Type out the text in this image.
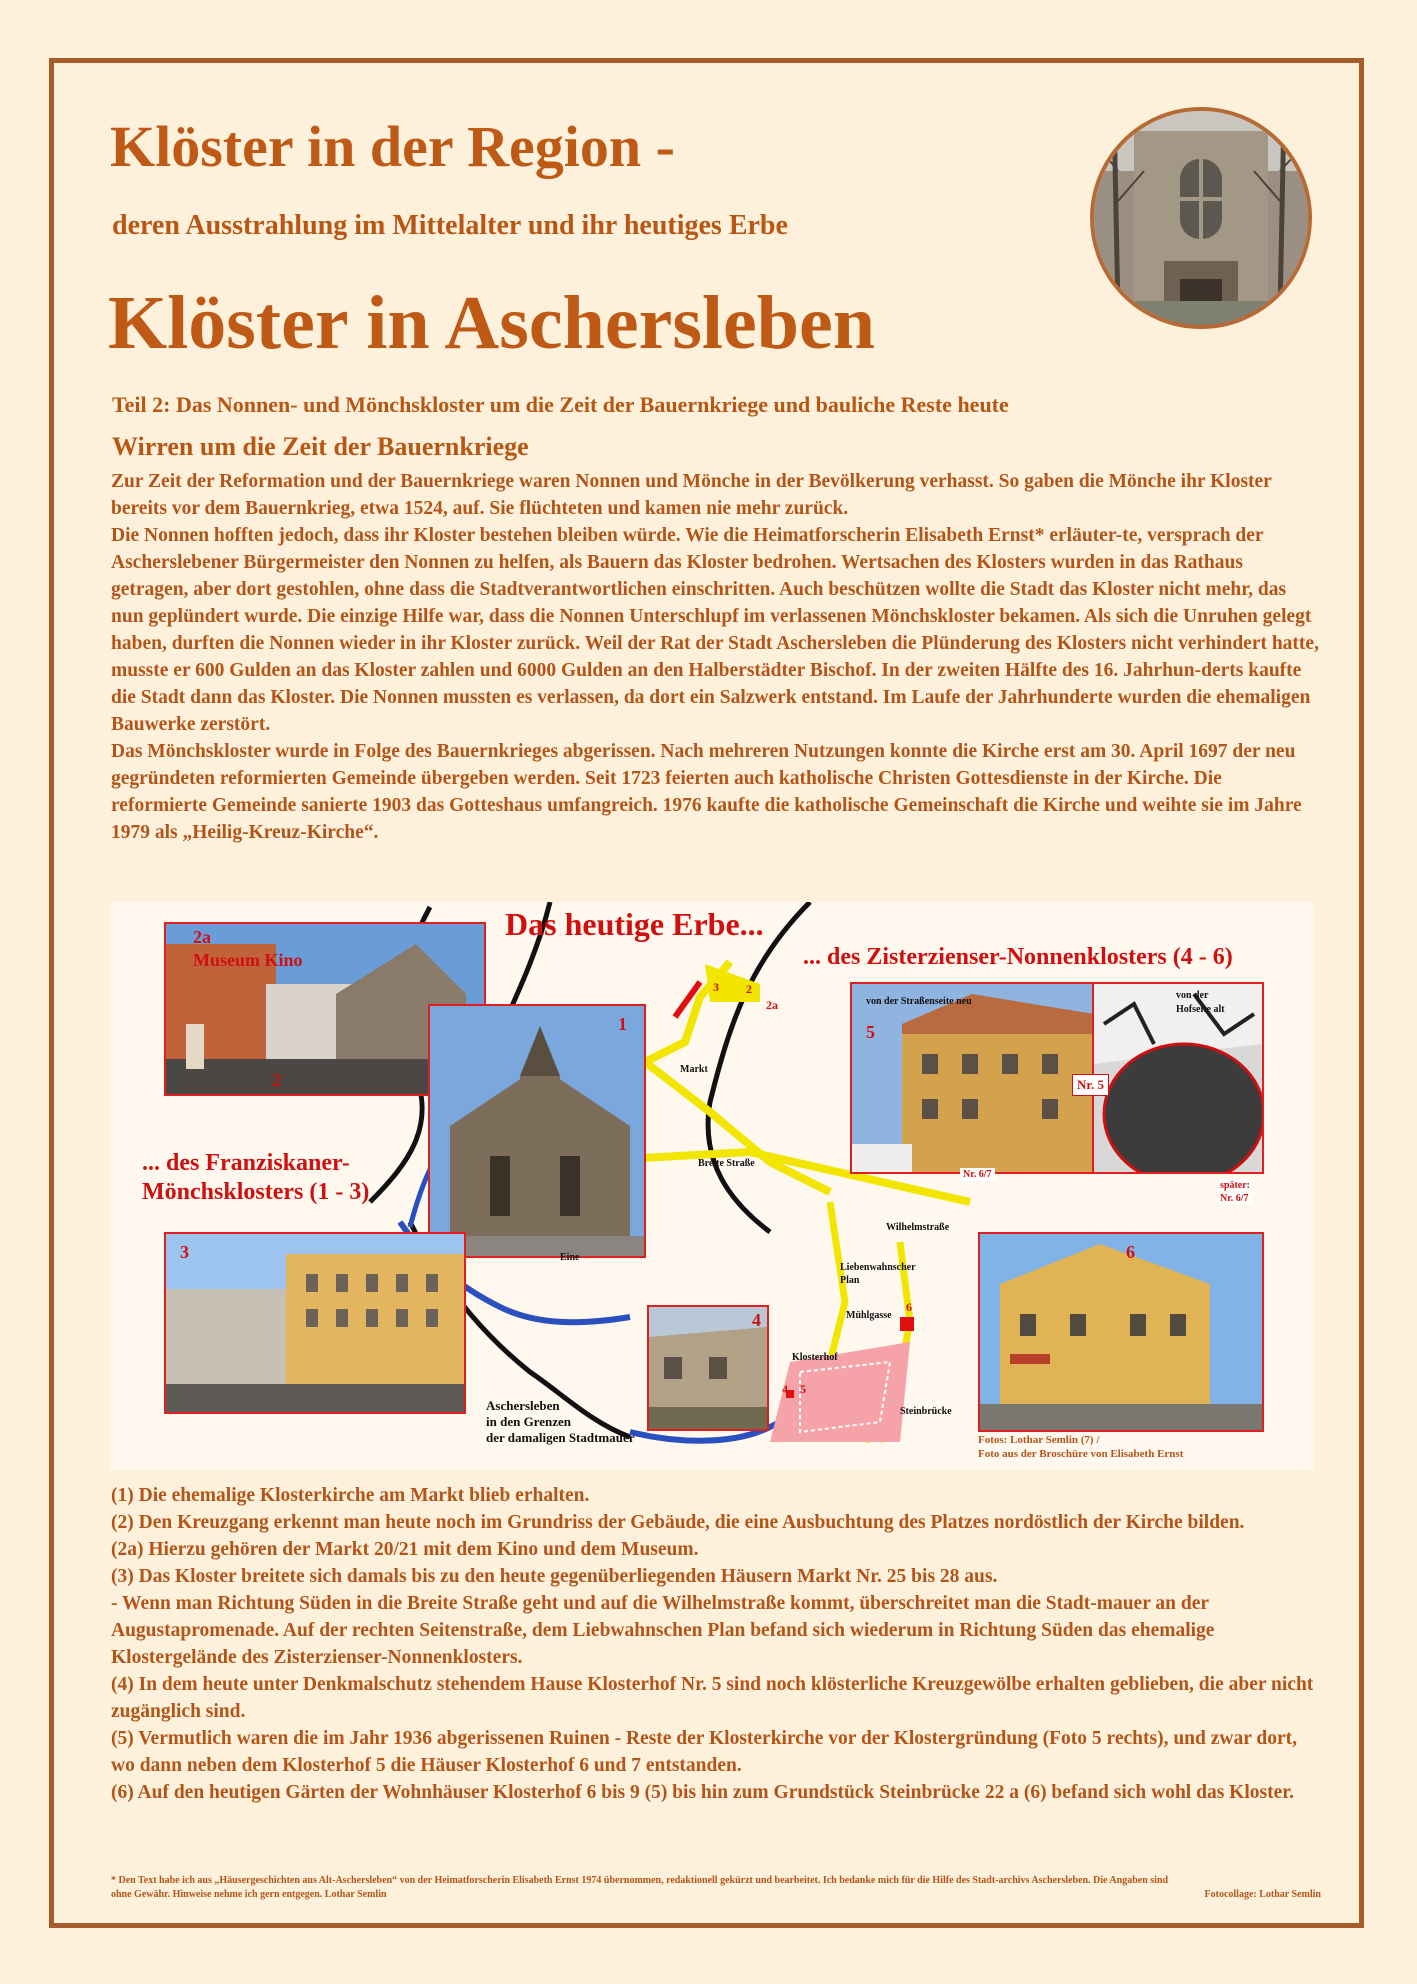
Klöster in der Region -
deren Ausstrahlung im Mittelalter und ihr heutiges Erbe
Klöster in Aschersleben
Teil 2: Das Nonnen- und Mönchskloster um die Zeit der Bauernkriege und bauliche Reste heute
Wirren um die Zeit der Bauernkriege

Zur Zeit der Reformation und der Bauernkriege waren Nonnen und Mönche in der Bevölkerung verhasst. So gaben die Mönche ihr Kloster bereits vor dem Bauernkrieg, etwa 1524, auf. Sie flüchteten und kamen nie mehr zurück.

Die Nonnen hofften jedoch, dass ihr Kloster bestehen bleiben würde. Wie die Heimatforscherin Elisabeth Ernst* erläuter-te, versprach der Ascherslebener Bürgermeister den Nonnen zu helfen, als Bauern das Kloster bedrohen. Wertsachen des Klosters wurden in das Rathaus getragen, aber dort gestohlen, ohne dass die Stadtverantwortlichen einschritten. Auch beschützen wollte die Stadt das Kloster nicht mehr, das nun geplündert wurde. Die einzige Hilfe war, dass die Nonnen Unterschlupf im verlassenen Mönchskloster bekamen. Als sich die Unruhen gelegt haben, durften die Nonnen wieder in ihr Kloster zurück. Weil der Rat der Stadt Aschersleben die Plünderung des Klosters nicht verhindert hatte, musste er 600 Gulden an das Kloster zahlen und 6000 Gulden an den Halberstädter Bischof. In der zweiten Hälfte des 16. Jahrhun-derts kaufte die Stadt dann das Kloster. Die Nonnen mussten es verlassen, da dort ein Salzwerk entstand. Im Laufe der Jahrhunderte wurden die ehemaligen Bauwerke zerstört.

Das Mönchskloster wurde in Folge des Bauernkrieges abgerissen. Nach mehreren Nutzungen konnte die Kirche erst am 30. April 1697 der neu gegründeten reformierten Gemeinde übergeben werden. Seit 1723 feierten auch katholische Christen Gottesdienste in der Kirche. Die reformierte Gemeinde sanierte 1903 das Gotteshaus umfangreich. 1976 kaufte die katholische Gemeinschaft die Kirche und weihte sie im Jahre 1979 als „Heilig-Kreuz-Kirche“.

2a
Museum Kino
2
1
3
4
5
von der Straßenseite neu
von der
Hofseite alt
Nr. 5
Nr. 6/7
später:
Nr. 6/7
6
Das heutige Erbe...
... des Zisterzienser-Nonnenklosters (4 - 6)
... des Franziskaner-
Mönchsklosters (1 - 3)
Markt
Breite Straße
Eine
Wilhelmstraße
Liebenwahnscher
Plan
Mühlgasse
Klosterhof
Steinbrücke
Aschersleben
in den Grenzen
der damaligen Stadtmauer
3 2
2a
6
4 5
Fotos: Lothar Semlin (7) /
Foto aus der Broschüre von Elisabeth Ernst

(1) Die ehemalige Klosterkirche am Markt blieb erhalten.

(2) Den Kreuzgang erkennt man heute noch im Grundriss der Gebäude, die eine Ausbuchtung des Platzes nordöstlich der Kirche bilden.

(2a) Hierzu gehören der Markt 20/21 mit dem Kino und dem Museum.

(3) Das Kloster breitete sich damals bis zu den heute gegenüberliegenden Häusern Markt Nr. 25 bis 28 aus.

- Wenn man Richtung Süden in die Breite Straße geht und auf die Wilhelmstraße kommt, überschreitet man die Stadt-mauer an der Augustapromenade. Auf der rechten Seitenstraße, dem Liebwahnschen Plan befand sich wiederum in Richtung Süden das ehemalige Klostergelände des Zisterzienser-Nonnenklosters.

(4) In dem heute unter Denkmalschutz stehendem Hause Klosterhof Nr. 5 sind noch klösterliche Kreuzgewölbe erhalten geblieben, die aber nicht zugänglich sind.

(5) Vermutlich waren die im Jahr 1936 abgerissenen Ruinen - Reste der Klosterkirche vor der Klostergründung (Foto 5 rechts), und zwar dort, wo dann neben dem Klosterhof 5 die Häuser Klosterhof 6 und 7 entstanden.

(6) Auf den heutigen Gärten der Wohnhäuser Klosterhof 6 bis 9 (5) bis hin zum Grundstück Steinbrücke 22 a (6) befand sich wohl das Kloster.

* Den Text habe ich aus „Häusergeschichten aus Alt-Aschersleben“ von der Heimatforscherin Elisabeth Ernst 1974 übernommen, redaktionell gekürzt und bearbeitet. Ich bedanke mich für die Hilfe des Stadt-archivs Aschersleben. Die Angaben sind ohne Gewähr. Hinweise nehme ich gern entgegen. Lothar Semlin	Fotocollage: Lothar Semlin
